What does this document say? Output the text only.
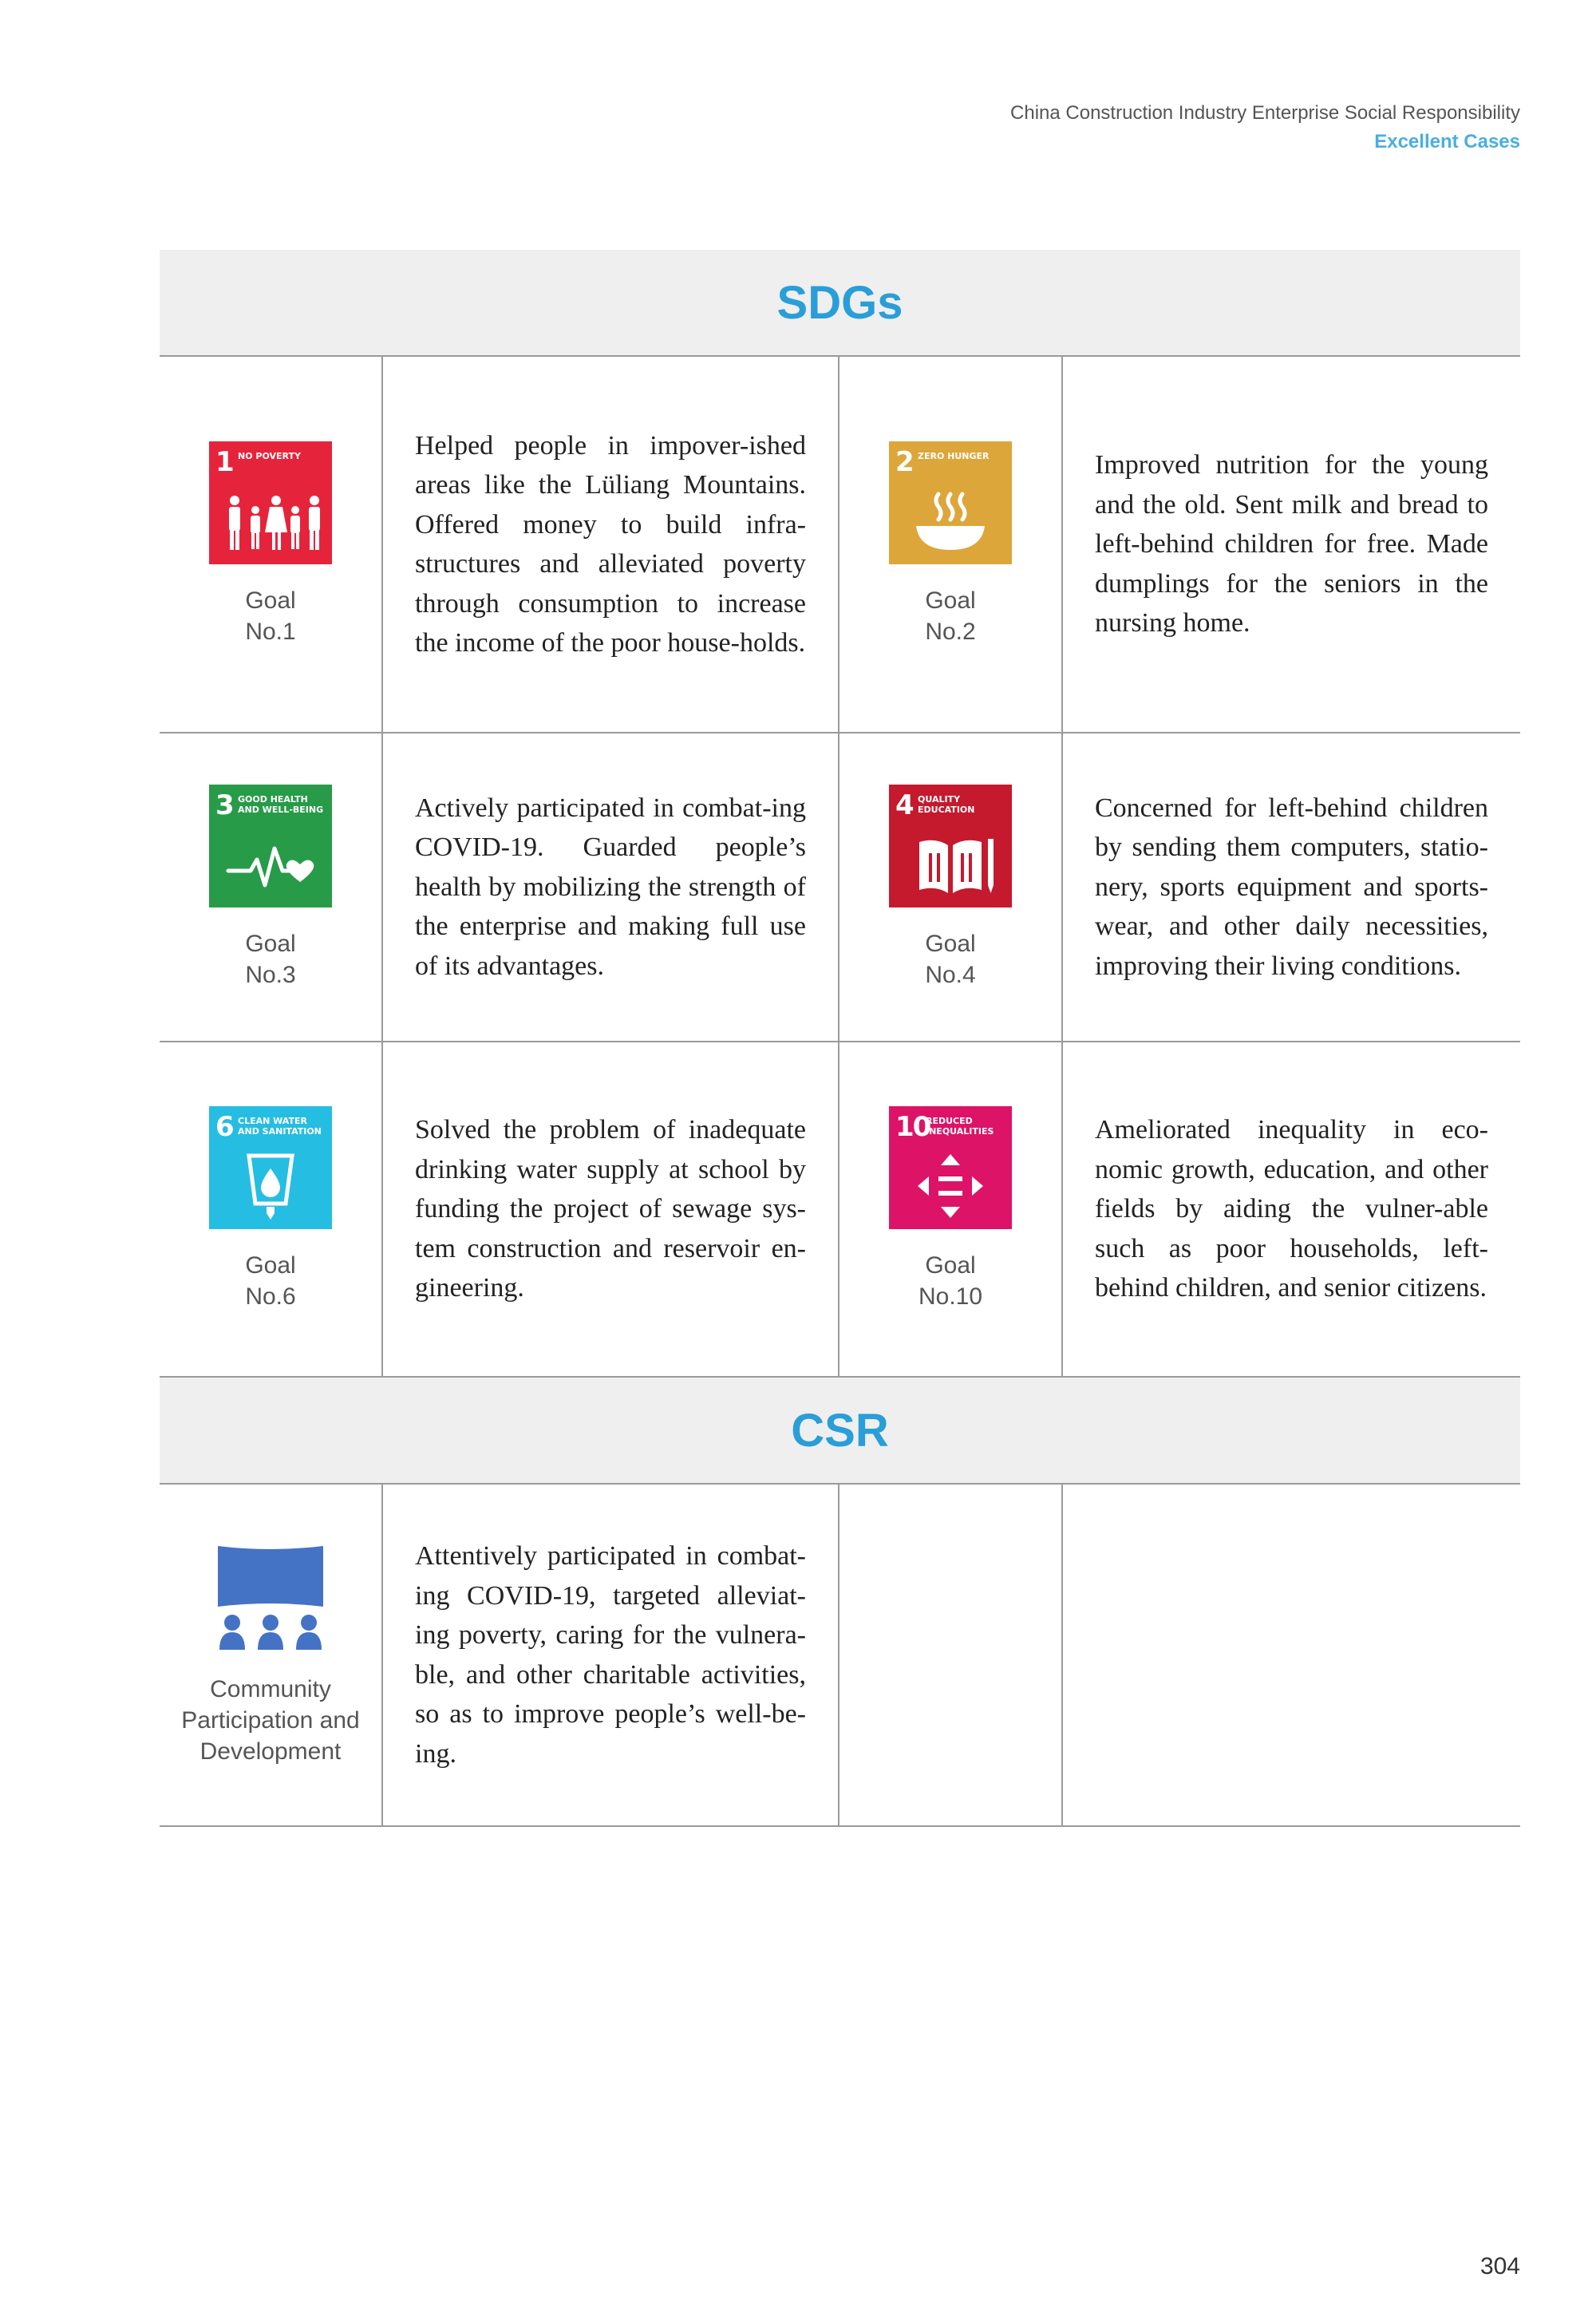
China Construction Industry Enterprise Social Responsibility
Excellent Cases
SDGs
1 NO POVERTY
Goal
No.1

Helped people in impover-ished areas like the Lüliang Mountains. Offered money to build infra-structures and alleviated poverty through consumption to increase the income of the poor house-holds.

2 ZERO HUNGER
Goal
No.2

Improved nutrition for the young and the old. Sent milk and bread to left-behind children for free. Made dumplings for the seniors in the nursing home.

3 GOOD HEALTH AND WELL-BEING
Goal
No.3

Actively participated in combat-ing COVID-19. Guarded people’s health by mobilizing the strength of the enterprise and making full use of its advantages.

4 QUALITY EDUCATION
Goal
No.4

Concerned for left-behind children by sending them computers, statio-nery, sports equipment and sports-wear, and other daily necessities, improving their living conditions.

6 CLEAN WATER AND SANITATION
Goal
No.6

Solved the problem of inadequate drinking water supply at school by funding the project of sewage sys-tem construction and reservoir en-gineering.

10
REDUCED INEQUALITIES
Goal
No.10

Ameliorated inequality in eco-nomic growth, education, and other fields by aiding the vulner-able such as poor households, left-behind children, and senior citizens.

CSR
Community
Participation and
Development

Attentively participated in combat-ing COVID-19, targeted alleviat-ing poverty, caring for the vulnera-ble, and other charitable activities, so as to improve people’s well-be-ing.

304
